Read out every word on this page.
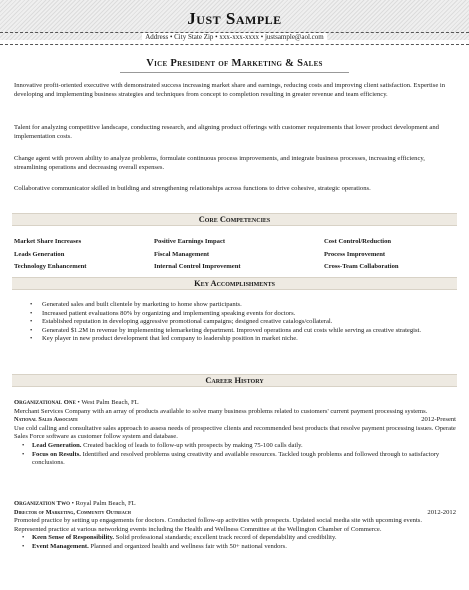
Just Sample
Address • City State Zip • xxx-xxx-xxxx • justsample@aol.com
Vice President of Marketing & Sales
Innovative profit-oriented executive with demonstrated success increasing market share and earnings, reducing costs and improving client satisfaction. Expertise in developing and implementing business strategies and techniques from concept to completion resulting in greater revenue and team efficiency.
Talent for analyzing competitive landscape, conducting research, and aligning product offerings with customer requirements that lower product development and implementation costs.
Change agent with proven ability to analyze problems, formulate continuous process improvements, and integrate business processes, increasing efficiency, streamlining operations and decreasing overall expenses.
Collaborative communicator skilled in building and strengthening relationships across functions to drive cohesive, strategic operations.
Core Competencies
Market Share Increases
Leads Generation
Technology Enhancement
Positive Earnings Impact
Fiscal Management
Internal Control Improvement
Cost Control/Reduction
Process Improvement
Cross-Team Collaboration
Key Accomplishments
• Generated sales and built clientele by marketing to home show participants.
• Increased patient evaluations 80% by organizing and implementing speaking events for doctors.
• Established reputation in developing aggressive promotional campaigns; designed creative catalogs/collateral.
• Generated $1.2M in revenue by implementing telemarketing department. Improved operations and cut costs while serving as creative strategist.
• Key player in new product development that led company to leadership position in market niche.
Career History
Organizational One • West Palm Beach, FL
Merchant Services Company with an array of products available to solve many business problems related to customers' current payment processing systems.
National Sales Associate	2012-Present
Use cold calling and consultative sales approach to assess needs of prospective clients and recommended best products that resolve payment processing issues. Operate Sales Force software as customer follow system and database.
• Lead Generation. Created backlog of leads to follow-up with prospects by making 75-100 calls daily.
• Focus on Results. Identified and resolved problems using creativity and available resources. Tackled tough problems and followed through to satisfactory conclusions.
Organization Two • Royal Palm Beach, FL
Director of Marketing, Community Outreach	2012-2012
Promoted practice by setting up engagements for doctors. Conducted follow-up activities with prospects. Updated social media site with upcoming events. Represented practice at various networking events including the Health and Wellness Committee at the Wellington Chamber of Commerce.
• Keen Sense of Responsibility. Solid professional standards; excellent track record of dependability and credibility.
• Event Management. Planned and organized health and wellness fair with 50+ national vendors.
